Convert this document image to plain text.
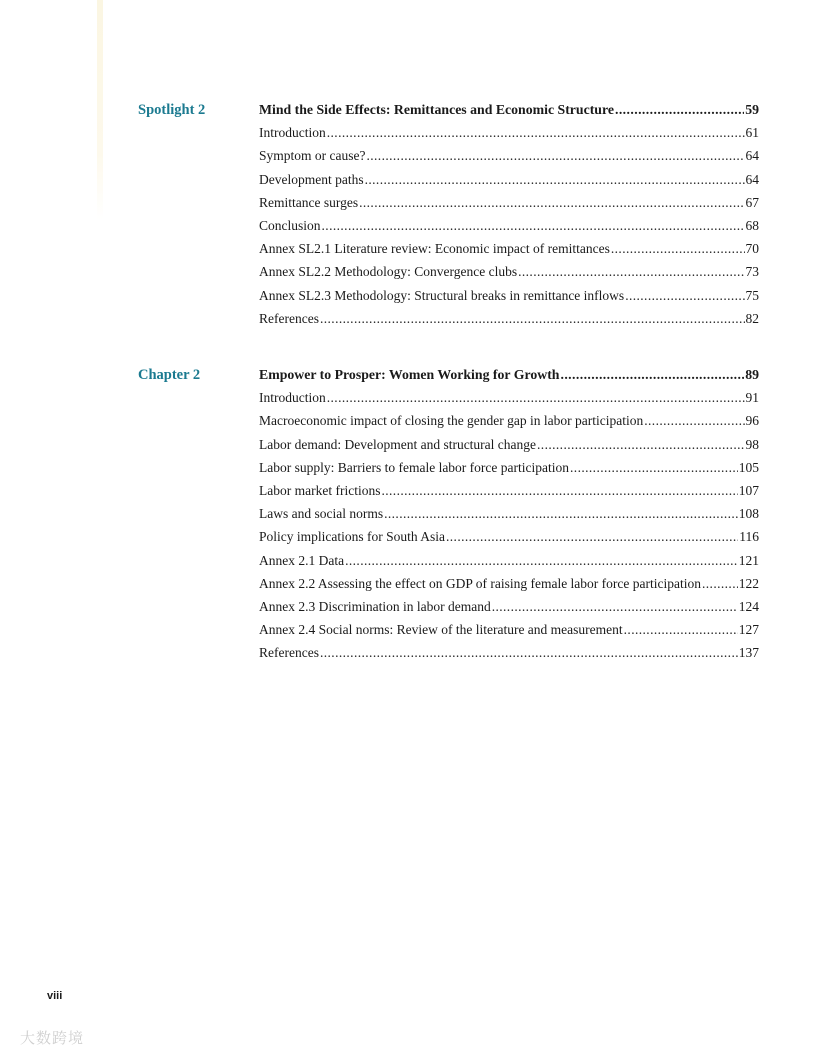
Spotlight 2	Mind the Side Effects: Remittances and Economic Structure .....	59
Introduction .....	61
Symptom or cause? .....	64
Development paths .....	64
Remittance surges .....	67
Conclusion .....	68
Annex SL2.1 Literature review: Economic impact of remittances .....	70
Annex SL2.2 Methodology: Convergence clubs .....	73
Annex SL2.3 Methodology: Structural breaks in remittance inflows .....	75
References .....	82
Chapter 2	Empower to Prosper: Women Working for Growth .....	89
Introduction .....	91
Macroeconomic impact of closing the gender gap in labor participation .....	96
Labor demand: Development and structural change .....	98
Labor supply: Barriers to female labor force participation .....	105
Labor market frictions .....	107
Laws and social norms .....	108
Policy implications for South Asia .....	116
Annex 2.1 Data .....	121
Annex 2.2 Assessing the effect on GDP of raising female labor force participation .....	122
Annex 2.3 Discrimination in labor demand .....	124
Annex 2.4 Social norms: Review of the literature and measurement .....	127
References .....	137
viii
大数跨境
